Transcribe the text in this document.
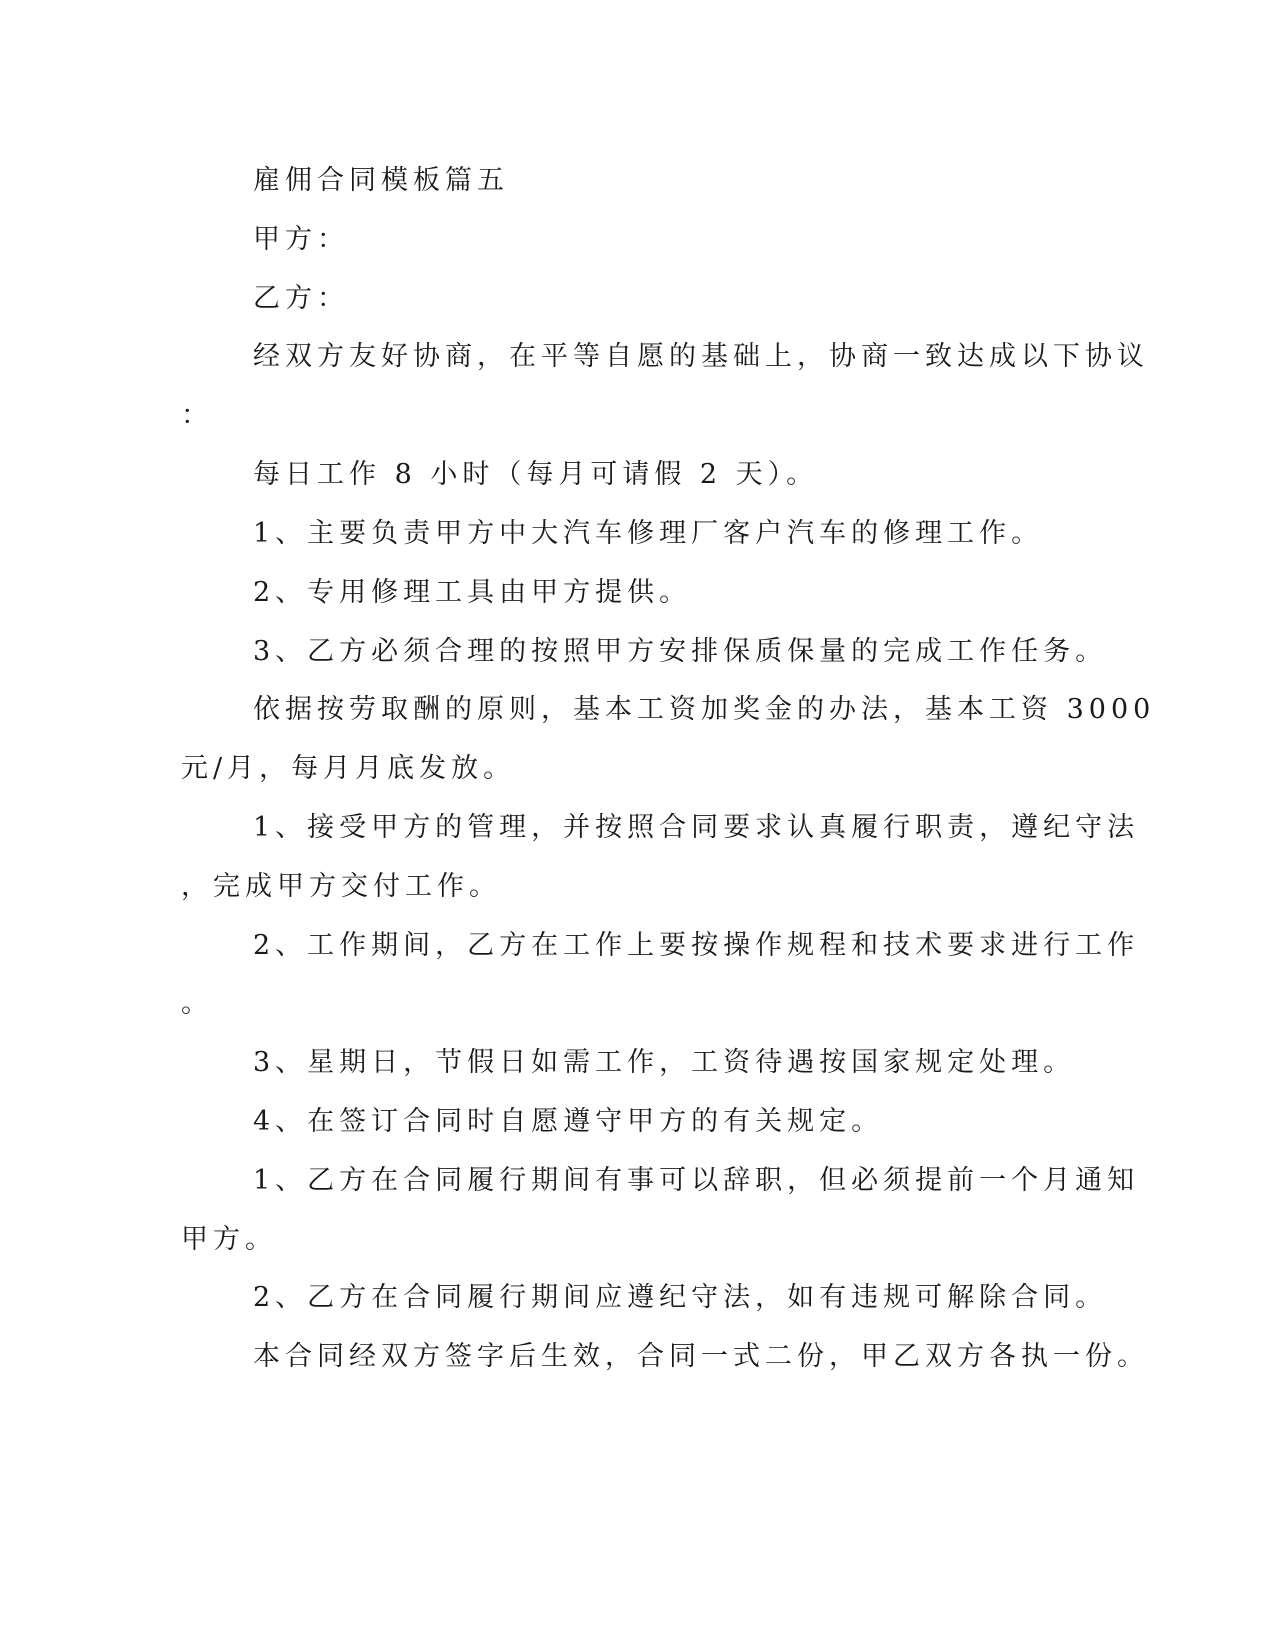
雇佣合同模板篇五
甲方：
乙方：
经双方友好协商，在平等自愿的基础上，协商一致达成以下协议
：
每日工作 8 小时（每月可请假 2 天）。
1、主要负责甲方中大汽车修理厂客户汽车的修理工作。
2、专用修理工具由甲方提供。
3、乙方必须合理的按照甲方安排保质保量的完成工作任务。
依据按劳取酬的原则，基本工资加奖金的办法，基本工资 3000
元/月，每月月底发放。
1、接受甲方的管理，并按照合同要求认真履行职责，遵纪守法
，完成甲方交付工作。
2、工作期间，乙方在工作上要按操作规程和技术要求进行工作
。
3、星期日，节假日如需工作，工资待遇按国家规定处理。
4、在签订合同时自愿遵守甲方的有关规定。
1、乙方在合同履行期间有事可以辞职，但必须提前一个月通知
甲方。
2、乙方在合同履行期间应遵纪守法，如有违规可解除合同。
本合同经双方签字后生效，合同一式二份，甲乙双方各执一份。
